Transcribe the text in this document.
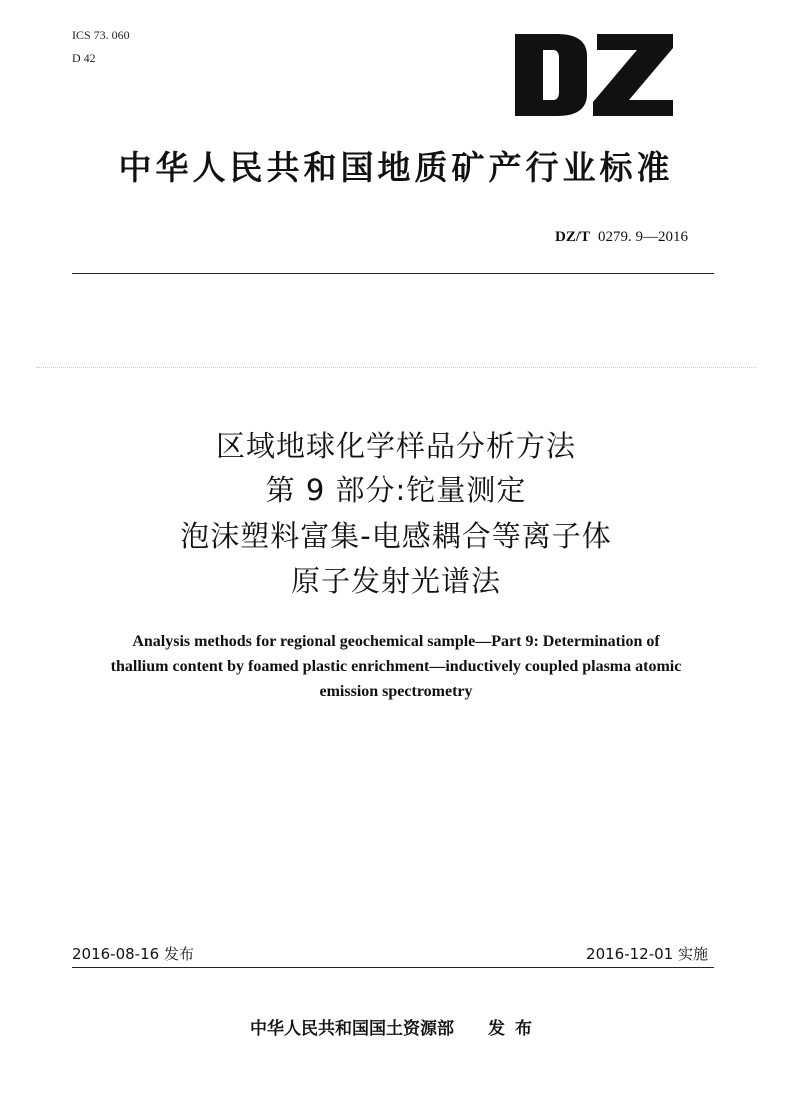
ICS 73. 060
D 42
中华人民共和国地质矿产行业标准
DZ/T 0279. 9—2016
区域地球化学样品分析方法
第 9 部分:铊量测定
泡沫塑料富集-电感耦合等离子体
原子发射光谱法
Analysis methods for regional geochemical sample—Part 9: Determination of
thallium content by foamed plastic enrichment—inductively coupled plasma atomic
emission spectrometry
2016-08-16 发布	2016-12-01 实施
中华人民共和国国土资源部 发布
